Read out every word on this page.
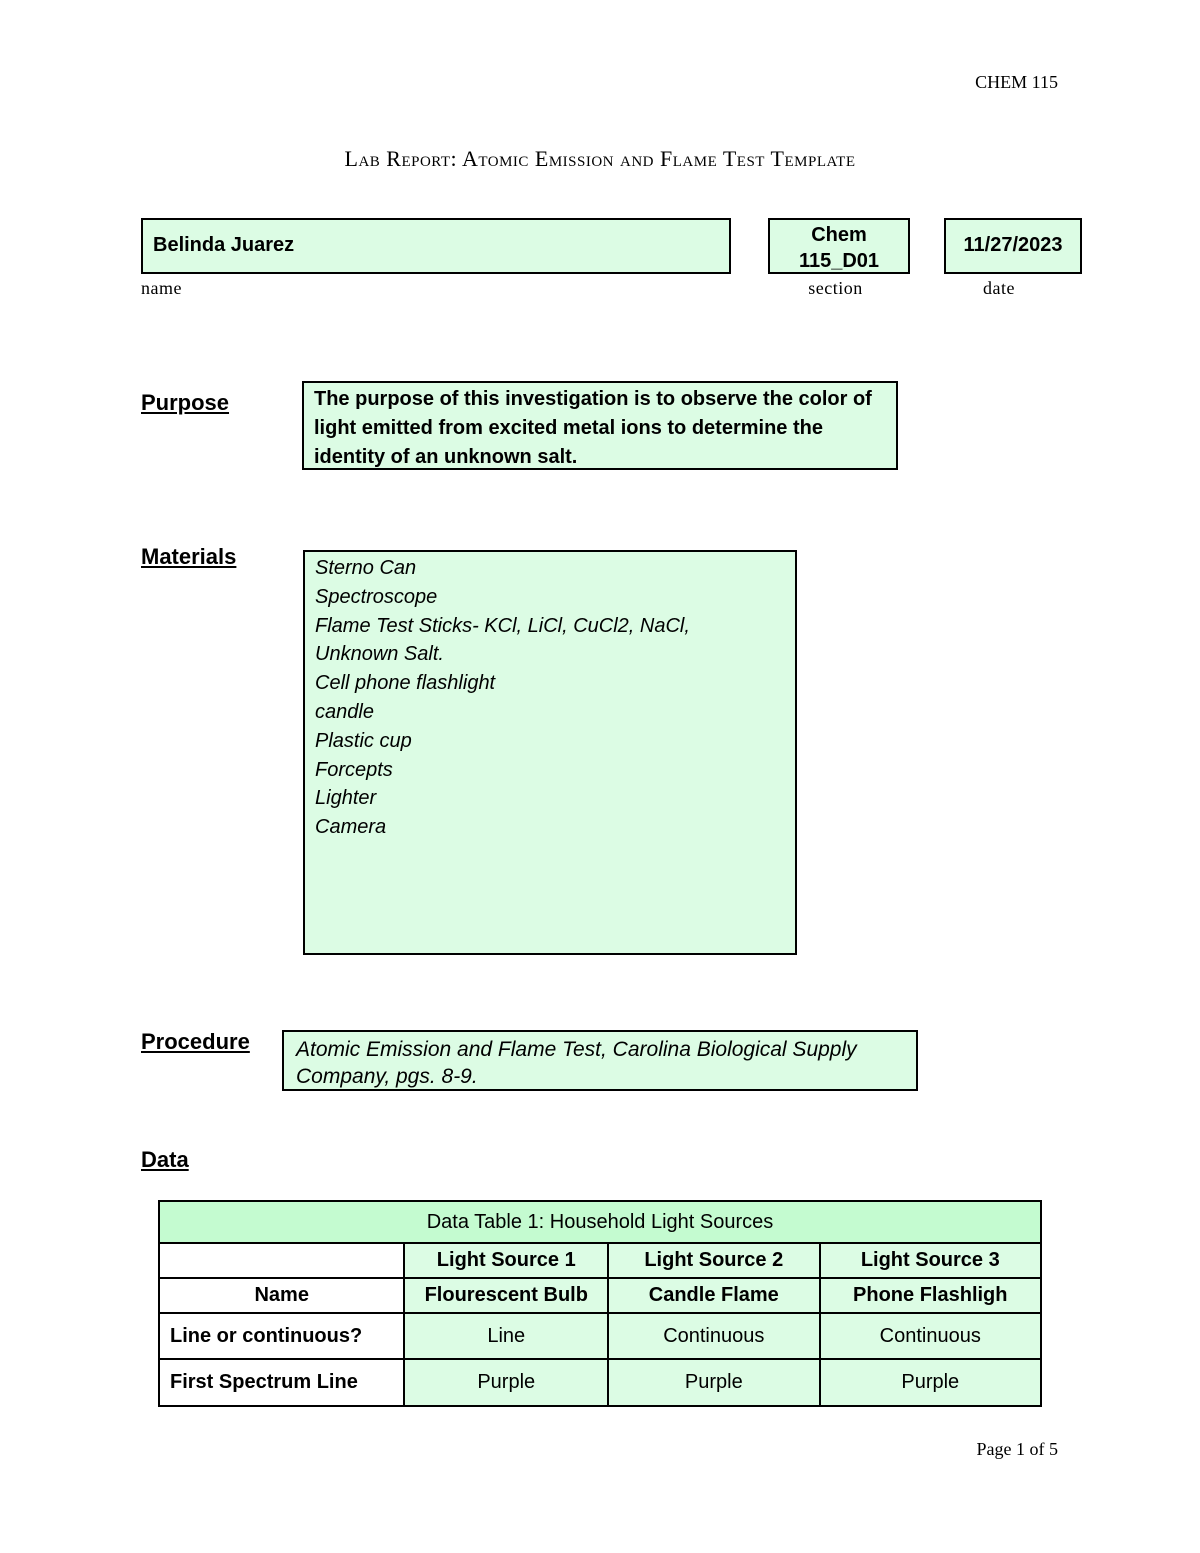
CHEM 115
Lab Report: Atomic Emission and Flame Test Template
Belinda Juarez	Chem
115_D01
11/27/2023
name	section	date
Purpose	The purpose of this investigation is to observe the color of light emitted from excited metal ions to determine the identity of an unknown salt.
Materials	Sterno Can
Spectroscope
Flame Test Sticks- KCl, LiCl, CuCl2, NaCl,
Unknown Salt.
Cell phone flashlight
candle
Plastic cup
Forcepts
Lighter
Camera
Procedure	Atomic Emission and Flame Test, Carolina Biological Supply Company, pgs. 8-9.
Data
Data Table 1: Household Light Sources			
	Light Source 1	Light Source 2	Light Source 3
Name	Flourescent Bulb	Candle Flame	Phone Flashligh
Line or continuous?	Line	Continuous	Continuous
First Spectrum Line	Purple	Purple	Purple
Page 1 of 5
